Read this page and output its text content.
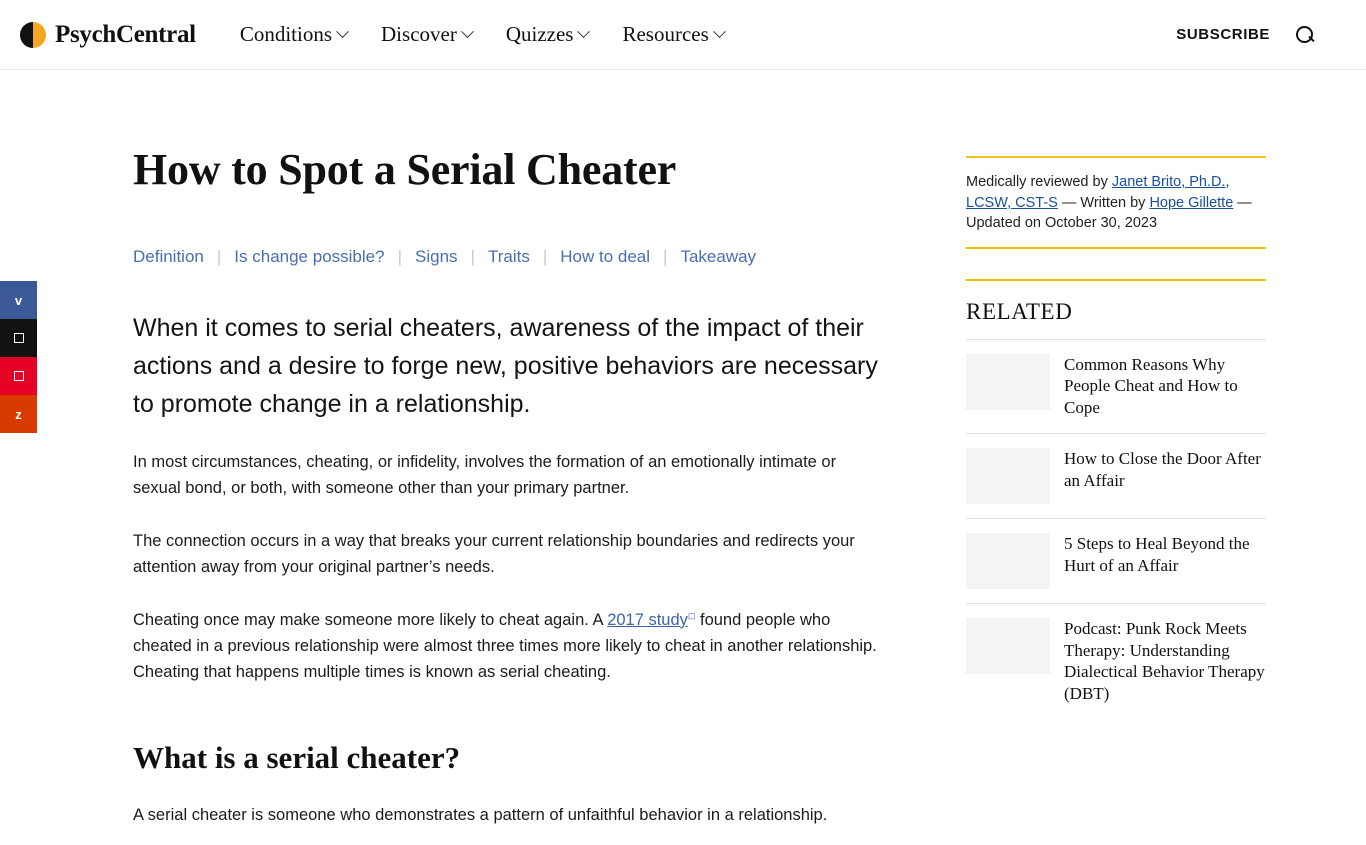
PsychCentral Conditions Discover Quizzes Resources	SUBSCRIBE
v
z
How to Spot a Serial Cheater
Definition | Is change possible? | Signs | Traits | How to deal | Takeaway

When it comes to serial cheaters, awareness of the impact of their actions and a desire to forge new, positive behaviors are necessary to promote change in a relationship.

In most circumstances, cheating, or infidelity, involves the formation of an emotionally intimate or sexual bond, or both, with someone other than your primary partner.

The connection occurs in a way that breaks your current relationship boundaries and redirects your attention away from your original partner’s needs.

Cheating once may make someone more likely to cheat again. A 2017 study◻ found people who cheated in a previous relationship were almost three times more likely to cheat in another relationship. Cheating that happens multiple times is known as serial cheating.

What is a serial cheater?

A serial cheater is someone who demonstrates a pattern of unfaithful behavior in a relationship.

Medically reviewed by Janet Brito, Ph.D., LCSW, CST-S — Written by Hope Gillette — Updated on October 30, 2023
RELATED
Common Reasons Why People Cheat and How to Cope
How to Close the Door After an Affair
5 Steps to Heal Beyond the Hurt of an Affair
Podcast: Punk Rock Meets Therapy: Understanding Dialectical Behavior Therapy (DBT)
